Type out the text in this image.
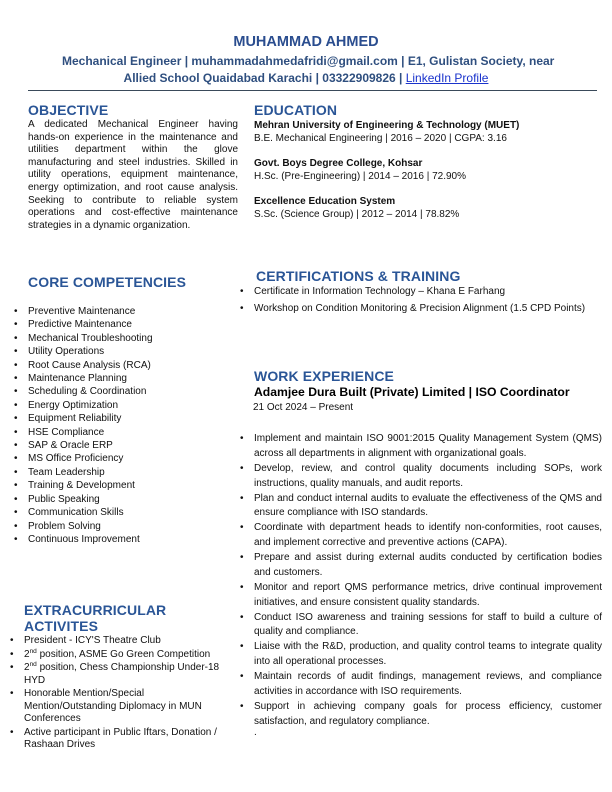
MUHAMMAD AHMED
Mechanical Engineer | muhammadahmedafridi@gmail.com | E1, Gulistan Society, near
Allied School Quaidabad Karachi | 03322909826 | LinkedIn Profile
OBJECTIVE
A dedicated Mechanical Engineer having hands-on experience in the maintenance and utilities department within the glove manufacturing and steel industries. Skilled in utility operations, equipment maintenance, energy optimization, and root cause analysis. Seeking to contribute to reliable system operations and cost-effective maintenance strategies in a dynamic organization.
EDUCATION
Mehran University of Engineering & Technology (MUET)
B.E. Mechanical Engineering | 2016 – 2020 | CGPA: 3.16
Govt. Boys Degree College, Kohsar
H.Sc. (Pre-Engineering) | 2014 – 2016 | 72.90%
Excellence Education System
S.Sc. (Science Group) | 2012 – 2014 | 78.82%
CORE COMPETENCIES
• Preventive Maintenance
• Predictive Maintenance
• Mechanical Troubleshooting
• Utility Operations
• Root Cause Analysis (RCA)
• Maintenance Planning
• Scheduling & Coordination
• Energy Optimization
• Equipment Reliability
• HSE Compliance
• SAP & Oracle ERP
• MS Office Proficiency
• Team Leadership
• Training & Development
• Public Speaking
• Communication Skills
• Problem Solving
• Continuous Improvement
CERTIFICATIONS & TRAINING
• Certificate in Information Technology – Khana E Farhang
• Workshop on Condition Monitoring & Precision Alignment (1.5 CPD Points)
WORK EXPERIENCE
Adamjee Dura Built (Private) Limited | ISO Coordinator
21 Oct 2024 – Present
• Implement and maintain ISO 9001:2015 Quality Management System (QMS) across all departments in alignment with organizational goals.
• Develop, review, and control quality documents including SOPs, work instructions, quality manuals, and audit reports.
• Plan and conduct internal audits to evaluate the effectiveness of the QMS and ensure compliance with ISO standards.
• Coordinate with department heads to identify non-conformities, root causes, and implement corrective and preventive actions (CAPA).
• Prepare and assist during external audits conducted by certification bodies and customers.
• Monitor and report QMS performance metrics, drive continual improvement initiatives, and ensure consistent quality standards.
• Conduct ISO awareness and training sessions for staff to build a culture of quality and compliance.
• Liaise with the R&D, production, and quality control teams to integrate quality into all operational processes.
• Maintain records of audit findings, management reviews, and compliance activities in accordance with ISO requirements.
• Support in achieving company goals for process efficiency, customer satisfaction, and regulatory compliance.
.
EXTRACURRICULAR
ACTIVITES
• President - ICY'S Theatre Club
• 2nd position, ASME Go Green Competition
• 2nd position, Chess Championship Under-18 HYD
• Honorable Mention/Special Mention/Outstanding Diplomacy in MUN Conferences
• Active participant in Public Iftars, Donation / Rashaan Drives
